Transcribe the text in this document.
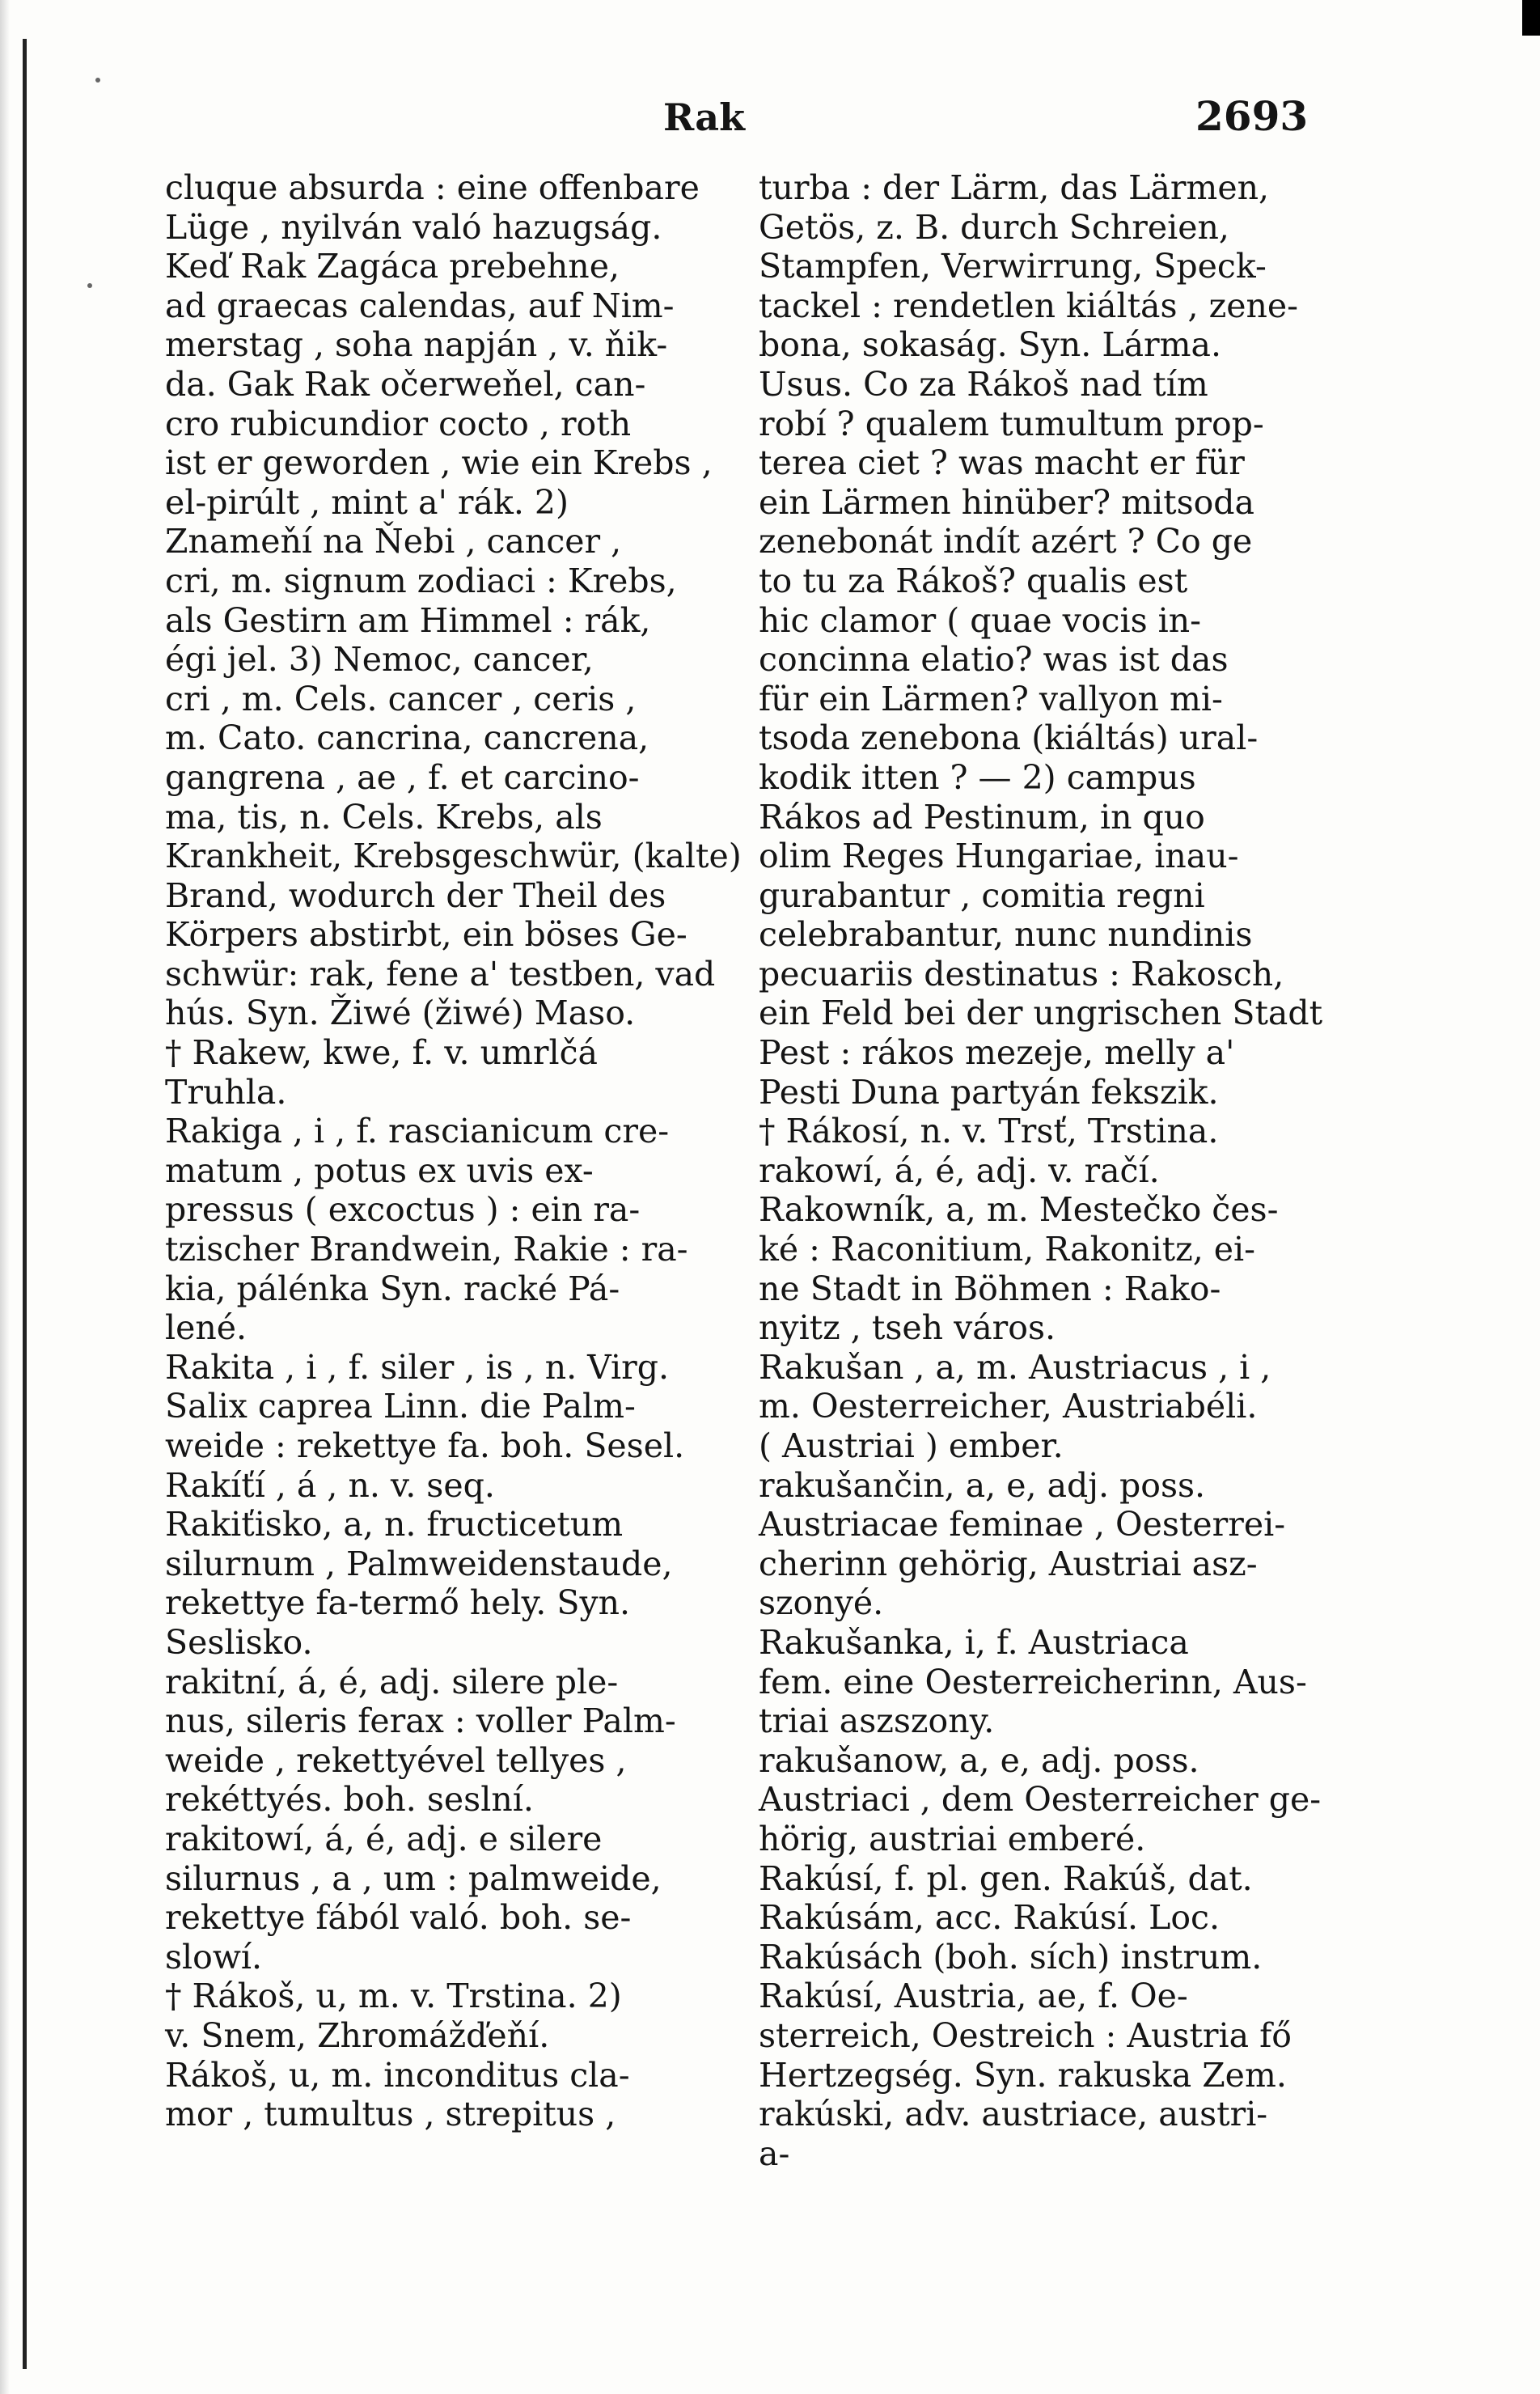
Rak	2693
cluque absurda : eine offenbare
Lüge , nyilván való hazugság.
Keď Rak Zagáca prebehne,
ad graecas calendas, auf Nim-
merstag , soha napján , v. ňik-
da. Gak Rak očerweňel, can-
cro rubicundior cocto , roth
ist er geworden , wie ein Krebs ,
el-pirúlt , mint a' rák. 2)
Znameňí na Ňebi , cancer ,
cri, m. signum zodiaci : Krebs,
als Gestirn am Himmel : rák,
égi jel. 3) Nemoc, cancer,
cri , m. Cels. cancer , ceris ,
m. Cato. cancrina, cancrena,
gangrena , ae , f. et carcino-
ma, tis, n. Cels. Krebs, als
Krankheit, Krebsgeschwür, (kalte)
Brand, wodurch der Theil des
Körpers abstirbt, ein böses Ge-
schwür: rak, fene a' testben, vad
hús. Syn. Žiwé (žiwé) Maso.
† Rakew, kwe, f. v. umrlčá
Truhla.
Rakiga , i , f. rascianicum cre-
matum , potus ex uvis ex-
pressus ( excoctus ) : ein ra-
tzischer Brandwein, Rakie : ra-
kia, pálénka Syn. racké Pá-
lené.
Rakita , i , f. siler , is , n. Virg.
Salix caprea Linn. die Palm-
weide : rekettye fa. boh. Sesel.
Rakíťí , á , n. v. seq.
Rakiťisko, a, n. fructicetum
silurnum , Palmweidenstaude,
rekettye fa-termő hely. Syn.
Seslisko.
rakitní, á, é, adj. silere ple-
nus, sileris ferax : voller Palm-
weide , rekettyével tellyes ,
rekéttyés. boh. seslní.
rakitowí, á, é, adj. e silere
silurnus , a , um : palmweide,
rekettye fából való. boh. se-
slowí.
† Rákoš, u, m. v. Trstina. 2)
v. Snem, Zhromážďeňí.
Rákoš, u, m. inconditus cla-
mor , tumultus , strepitus ,
turba : der Lärm, das Lärmen,
Getös, z. B. durch Schreien,
Stampfen, Verwirrung, Speck-
tackel : rendetlen kiáltás , zene-
bona, sokaság. Syn. Lárma.
Usus. Co za Rákoš nad tím
robí ? qualem tumultum prop-
terea ciet ? was macht er für
ein Lärmen hinüber? mitsoda
zenebonát indít azért ? Co ge
to tu za Rákoš? qualis est
hic clamor ( quae vocis in-
concinna elatio? was ist das
für ein Lärmen? vallyon mi-
tsoda zenebona (kiáltás) ural-
kodik itten ? — 2) campus
Rákos ad Pestinum, in quo
olim Reges Hungariae, inau-
gurabantur , comitia regni
celebrabantur, nunc nundinis
pecuariis destinatus : Rakosch,
ein Feld bei der ungrischen Stadt
Pest : rákos mezeje, melly a'
Pesti Duna partyán fekszik.
† Rákosí, n. v. Trsť, Trstina.
rakowí, á, é, adj. v. račí.
Rakowník, a, m. Mestečko čes-
ké : Raconitium, Rakonitz, ei-
ne Stadt in Böhmen : Rako-
nyitz , tseh város.
Rakušan , a, m. Austriacus , i ,
m. Oesterreicher, Austriabéli.
( Austriai ) ember.
rakušančin, a, e, adj. poss.
Austriacae feminae , Oesterrei-
cherinn gehörig, Austriai asz-
szonyé.
Rakušanka, i, f. Austriaca
fem. eine Oesterreicherinn, Aus-
triai aszszony.
rakušanow, a, e, adj. poss.
Austriaci , dem Oesterreicher ge-
hörig, austriai emberé.
Rakúsí, f. pl. gen. Rakúš, dat.
Rakúsám, acc. Rakúsí. Loc.
Rakúsách (boh. sích) instrum.
Rakúsí, Austria, ae, f. Oe-
sterreich, Oestreich : Austria fő
Hertzegség. Syn. rakuska Zem.
rakúski, adv. austriace, austri-
a-
